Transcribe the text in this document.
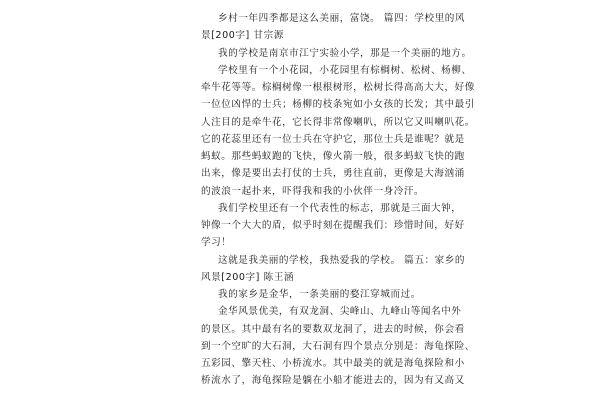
乡村一年四季都是这么美丽，富饶。 篇四：学校里的风
景[200字] 甘宗源
我的学校是南京市江宁实验小学，那是一个美丽的地方。
学校里有一个小花园，小花园里有棕榈树、松树、杨柳、
牵牛花等等。棕榈树像一根根树形，松树长得高高大大，好像
一位位凶悍的士兵；杨柳的枝条宛如小女孩的长发；其中最引
人注目的是牵牛花，它长得非常像喇叭，所以它又叫喇叭花。
它的花蕊里还有一位士兵在守护它，那位士兵是谁呢？就是
蚂蚁。那些蚂蚁跑的飞快，像火箭一般，很多蚂蚁飞快的跑
出来，像是要出去打仗的士兵，勇往直前，更像是大海汹涌
的波浪一起扑来，吓得我和我的小伙伴一身冷汗。
我们学校里还有一个代表性的标志，那就是三面大钟，
钟像一个大大的盾，似乎时刻在提醒我们：珍惜时间，好好
学习！
这就是我美丽的学校，我热爱我的学校。 篇五：家乡的
风景[200字] 陈王涵
我的家乡是金华，一条美丽的婺江穿城而过。
金华风景优美，有双龙洞、尖峰山、九峰山等闻名中外
的景区。其中最有名的要数双龙洞了，进去的时候，你会看
到一个空旷的大石洞，大石洞有四个景点分别是：海龟探险、
五彩园、擎天柱、小桥流水。其中最美的就是海龟探险和小
桥流水了，海龟探险是躺在小船才能进去的，因为有又高又
